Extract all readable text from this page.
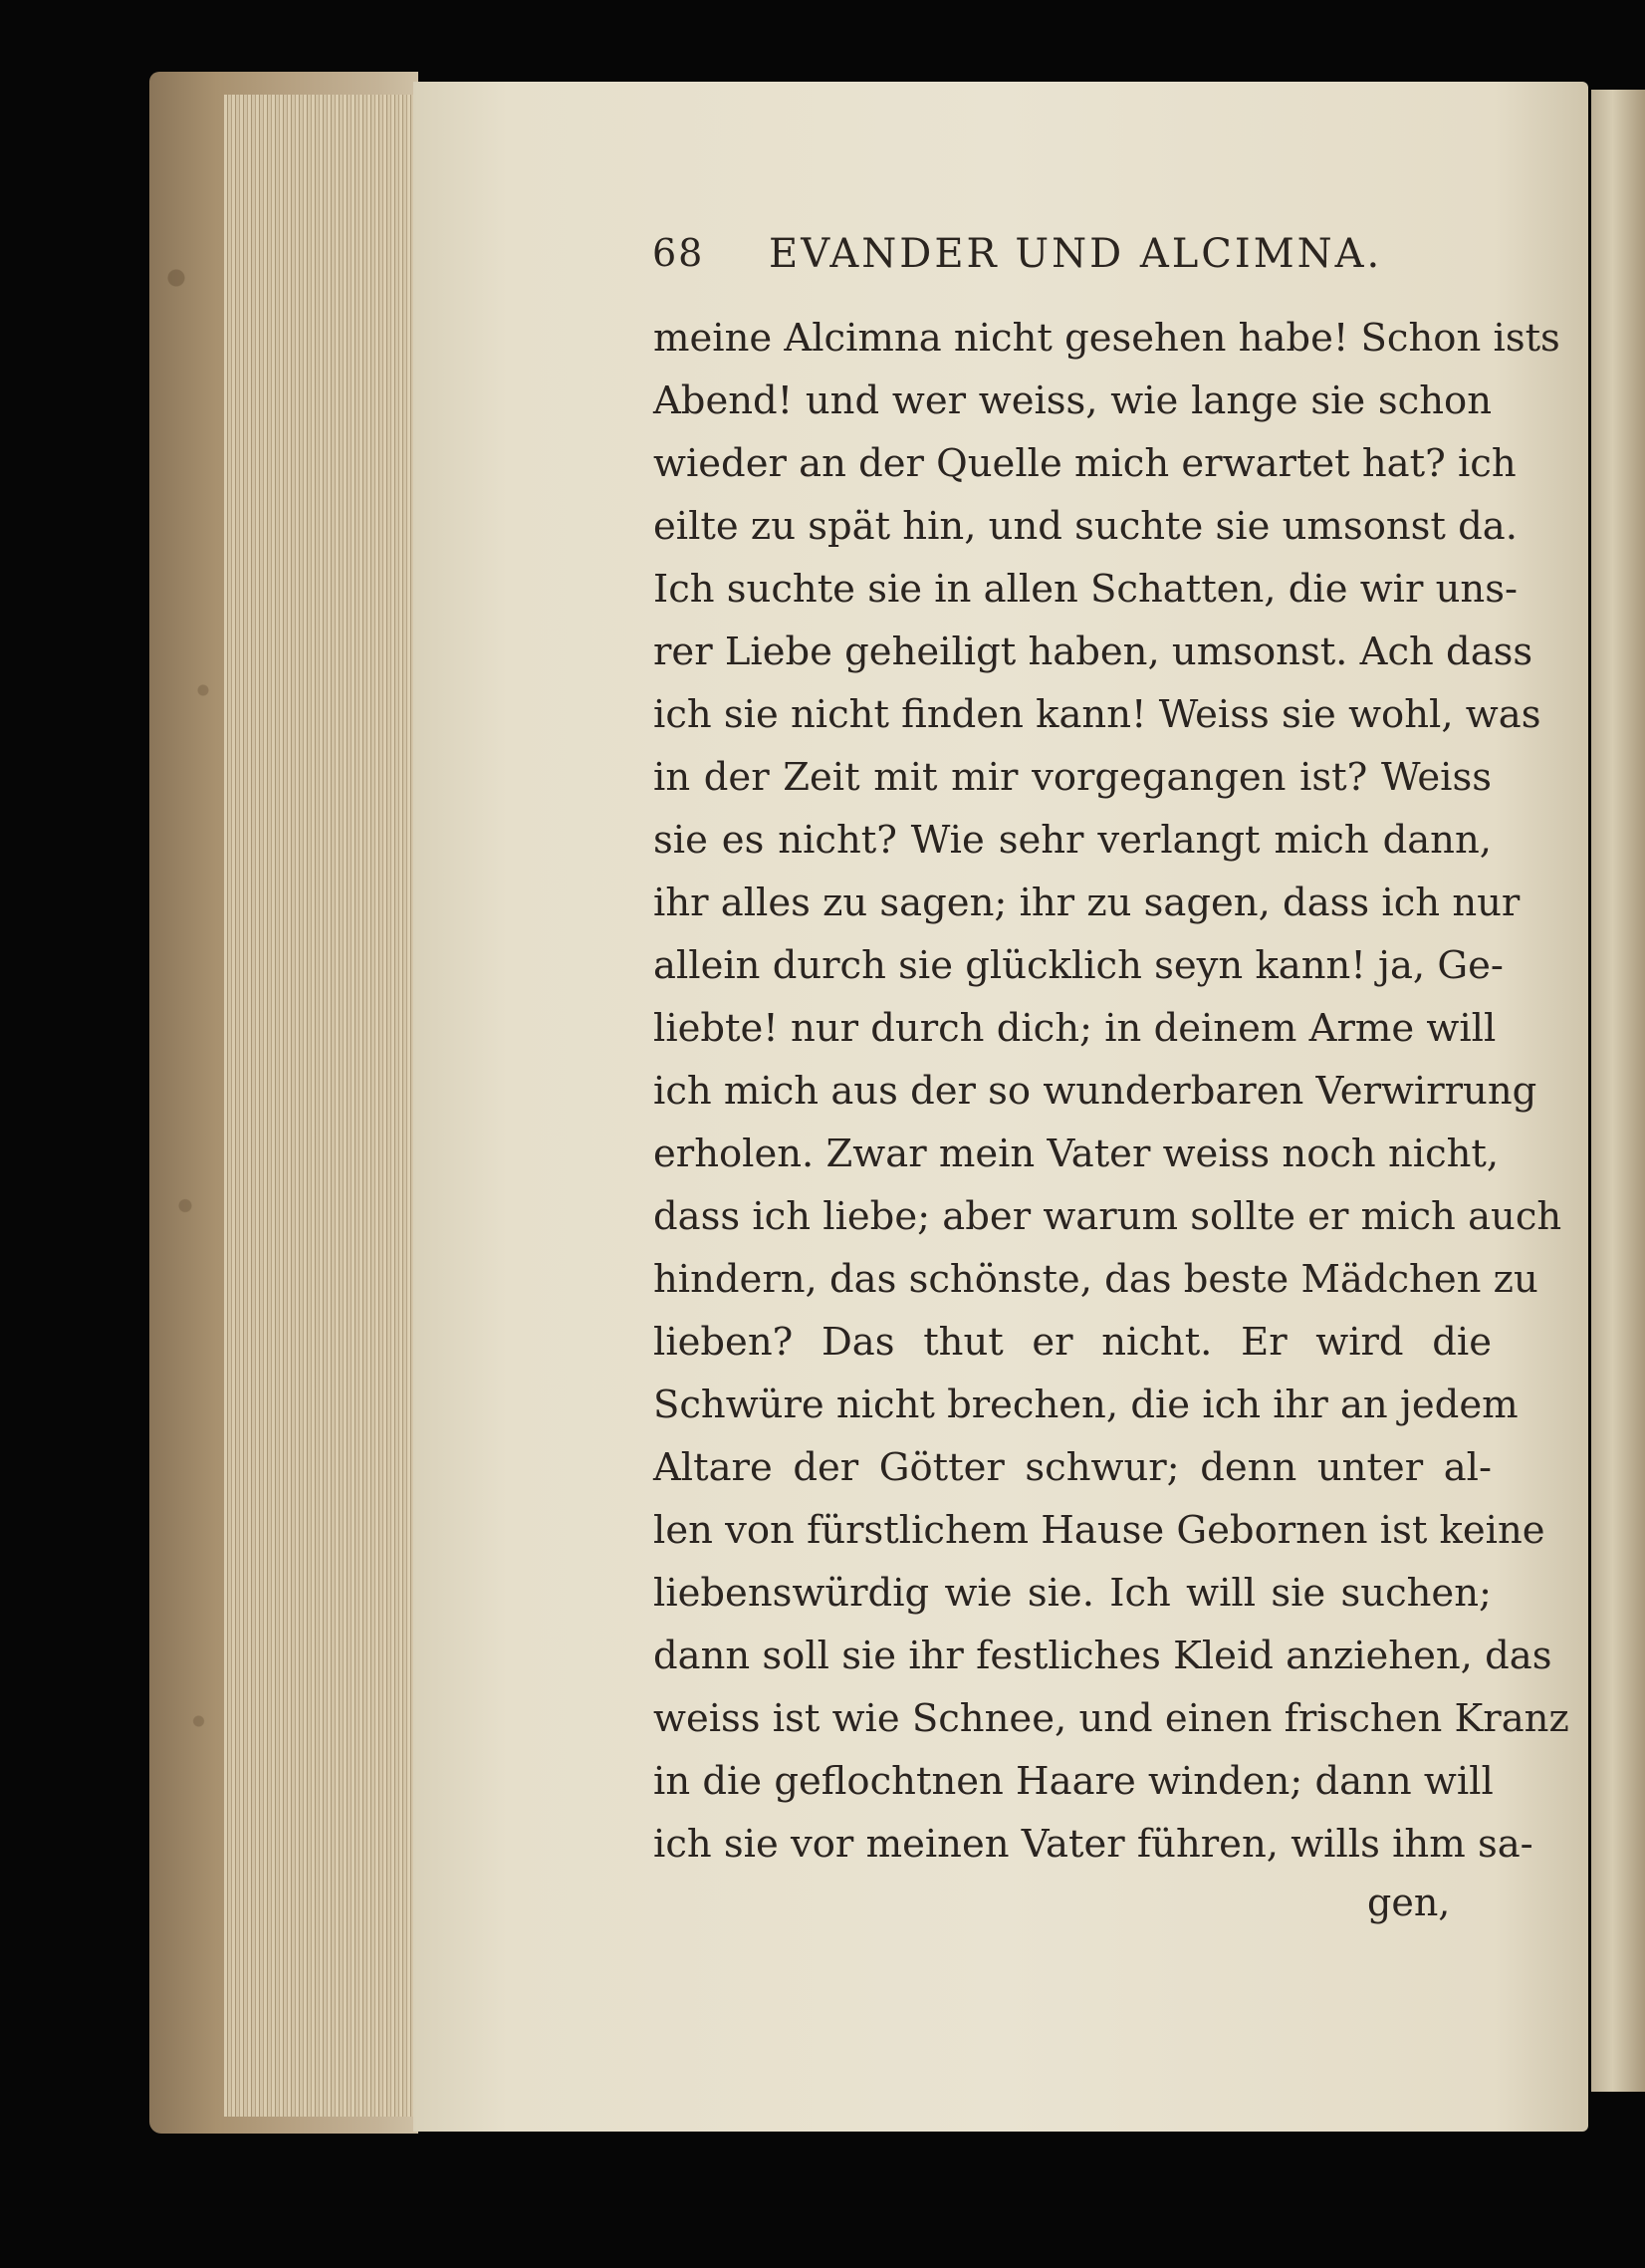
68 EVANDER UND ALCIMNA.
meine Alcimna nicht gesehen habe! Schon ists
Abend! und wer weiss, wie lange sie schon
wieder an der Quelle mich erwartet hat? ich
eilte zu spät hin, und suchte sie umsonst da.
Ich suchte sie in allen Schatten, die wir uns-
rer Liebe geheiligt haben, umsonst. Ach dass
ich sie nicht finden kann! Weiss sie wohl, was
in der Zeit mit mir vorgegangen ist? Weiss
sie es nicht? Wie sehr verlangt mich dann,
ihr alles zu sagen; ihr zu sagen, dass ich nur
allein durch sie glücklich seyn kann! ja, Ge-
liebte! nur durch dich; in deinem Arme will
ich mich aus der so wunderbaren Verwirrung
erholen. Zwar mein Vater weiss noch nicht,
dass ich liebe; aber warum sollte er mich auch
hindern, das schönste, das beste Mädchen zu
lieben? Das thut er nicht. Er wird die
Schwüre nicht brechen, die ich ihr an jedem
Altare der Götter schwur; denn unter al-
len von fürstlichem Hause Gebornen ist keine
liebenswürdig wie sie. Ich will sie suchen;
dann soll sie ihr festliches Kleid anziehen, das
weiss ist wie Schnee, und einen frischen Kranz
in die geflochtnen Haare winden; dann will
ich sie vor meinen Vater führen, wills ihm sa-
gen,
